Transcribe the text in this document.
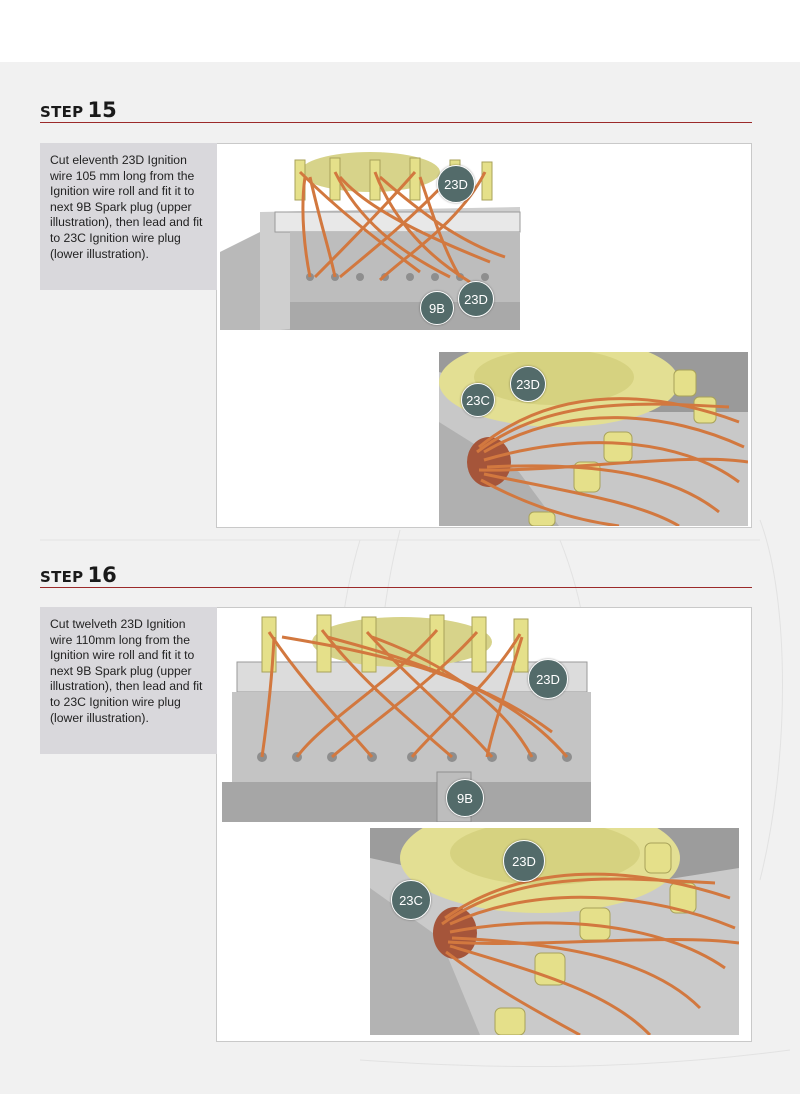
STEP 15
Cut eleventh 23D Ignition wire 105 mm long from the Ignition wire roll and fit it to next 9B Spark plug (upper illustration), then lead and fit to 23C Ignition wire plug (lower illustration).
23D
9B
23D
23C
23D
STEP 16
Cut twelveth 23D Ignition wire 110mm long from the Ignition wire roll and fit it to next 9B Spark plug (upper illustration), then lead and fit to 23C Ignition wire plug (lower illustration).
23D
9B
23D
23C
